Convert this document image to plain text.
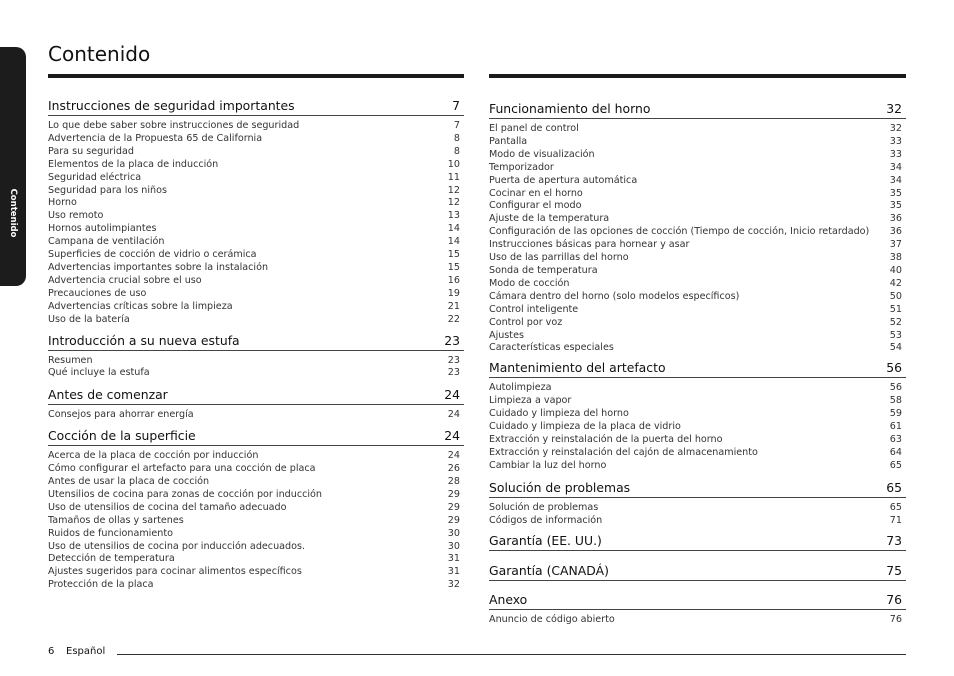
Contenido
Contenido
Instrucciones de seguridad importantes	7
Lo que debe saber sobre instrucciones de seguridad	7
Advertencia de la Propuesta 65 de California	8
Para su seguridad	8
Elementos de la placa de inducción	10
Seguridad eléctrica	11
Seguridad para los niños	12
Horno	12
Uso remoto	13
Hornos autolimpiantes	14
Campana de ventilación	14
Superficies de cocción de vidrio o cerámica	15
Advertencias importantes sobre la instalación	15
Advertencia crucial sobre el uso	16
Precauciones de uso	19
Advertencias críticas sobre la limpieza	21
Uso de la batería	22
Introducción a su nueva estufa	23
Resumen	23
Qué incluye la estufa	23
Antes de comenzar	24
Consejos para ahorrar energía	24
Cocción de la superficie	24
Acerca de la placa de cocción por inducción	24
Cómo configurar el artefacto para una cocción de placa	26
Antes de usar la placa de cocción	28
Utensilios de cocina para zonas de cocción por inducción	29
Uso de utensilios de cocina del tamaño adecuado	29
Tamaños de ollas y sartenes	29
Ruidos de funcionamiento	30
Uso de utensilios de cocina por inducción adecuados.	30
Detección de temperatura	31
Ajustes sugeridos para cocinar alimentos específicos	31
Protección de la placa	32
Funcionamiento del horno	32
El panel de control	32
Pantalla	33
Modo de visualización	33
Temporizador	34
Puerta de apertura automática	34
Cocinar en el horno	35
Configurar el modo	35
Ajuste de la temperatura	36
Configuración de las opciones de cocción (Tiempo de cocción, Inicio retardado) 36
Instrucciones básicas para hornear y asar	37
Uso de las parrillas del horno	38
Sonda de temperatura	40
Modo de cocción	42
Cámara dentro del horno (solo modelos específicos)	50
Control inteligente	51
Control por voz	52
Ajustes	53
Características especiales	54
Mantenimiento del artefacto	56
Autolimpieza	56
Limpieza a vapor	58
Cuidado y limpieza del horno	59
Cuidado y limpieza de la placa de vidrio	61
Extracción y reinstalación de la puerta del horno	63
Extracción y reinstalación del cajón de almacenamiento	64
Cambiar la luz del horno	65
Solución de problemas	65
Solución de problemas	65
Códigos de información	71
Garantía (EE. UU.)	73
Garantía (CANADÁ)	75
Anexo	76
Anuncio de código abierto	76
6 Español
